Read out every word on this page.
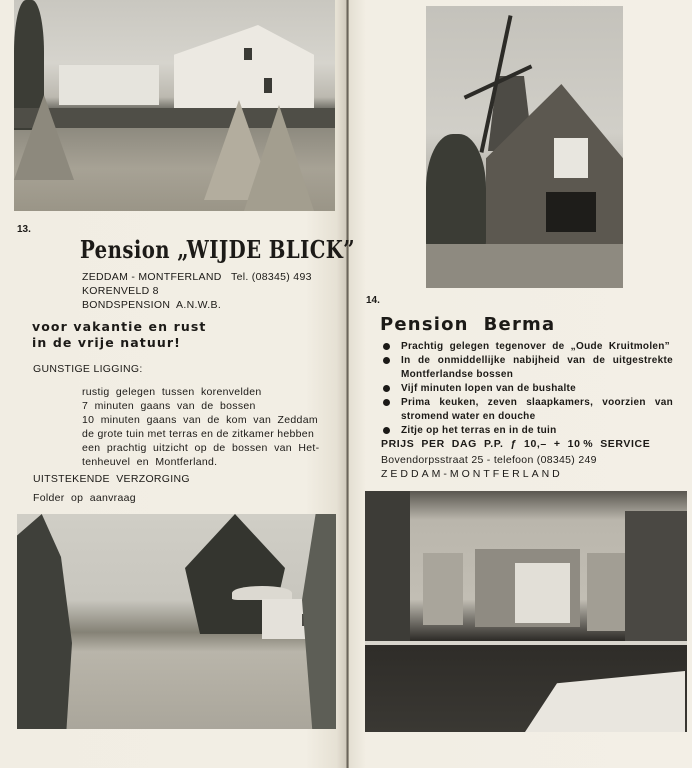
13.
Pension „WIJDE BLICK”
ZEDDAM - MONTFERLAND   Tel. (08345) 493
KORENVELD 8
BONDSPENSION  A.N.W.B.
voor vakantie en rust
in de vrije natuur!
GUNSTIGE LIGGING:
rustig  gelegen  tussen  korenvelden
7  minuten  gaans  van  de  bossen
10  minuten  gaans  van  de  kom  van  Zeddam
de grote tuin met terras en de zitkamer hebben
een  prachtig  uitzicht  op  de  bossen  van  Het-
tenheuvel  en  Montferland.
UITSTEKENDE  VERZORGING
Folder  op  aanvraag
14.
Pension  Berma
Prachtig  gelegen  tegenover  de  „Oude  Kruitmolen”
In de onmiddellijke nabijheid van de uitgestrekte Montferlandse bossen
Vijf minuten lopen van de bushalte
Prima keuken, zeven slaapkamers, voorzien van stromend water en douche
Zitje op het terras en in de tuin
PRIJS  PER  DAG  P.P.  ƒ  10,–  +  10 %  SERVICE
Bovendorpsstraat 25 - telefoon (08345) 249
ZEDDAM-MONTFERLAND
